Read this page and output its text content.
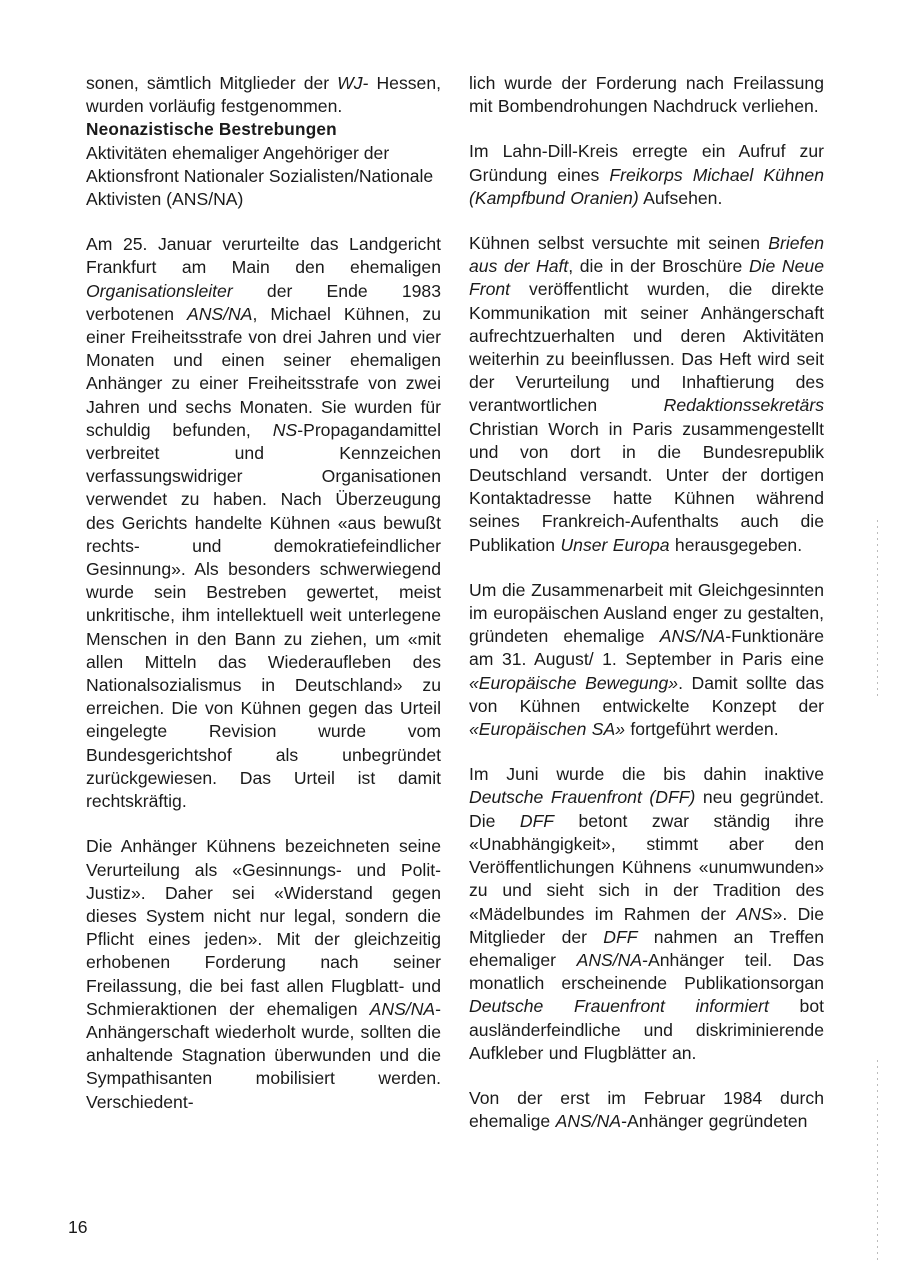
sonen, sämtlich Mitglieder der WJ- Hessen, wurden vorläufig festgenommen.

Neonazistische Bestrebungen

Aktivitäten ehemaliger Angehöriger der Aktionsfront Nationaler Sozialisten/Nationale Aktivisten (ANS/NA)

Am 25. Januar verurteilte das Landgericht Frankfurt am Main den ehemaligen Organisationsleiter der Ende 1983 verbotenen ANS/NA, Michael Kühnen, zu einer Freiheitsstrafe von drei Jahren und vier Monaten und einen seiner ehemaligen Anhänger zu einer Freiheitsstrafe von zwei Jahren und sechs Monaten. Sie wurden für schuldig befunden, NS-Propagandamittel verbreitet und Kennzeichen verfassungswidriger Organisationen verwendet zu haben. Nach Überzeugung des Gerichts handelte Kühnen «aus bewußt rechts- und demokratiefeindlicher Gesinnung». Als besonders schwerwiegend wurde sein Bestreben gewertet, meist unkritische, ihm intellektuell weit unterlegene Menschen in den Bann zu ziehen, um «mit allen Mitteln das Wiederaufleben des Nationalsozialismus in Deutschland» zu erreichen. Die von Kühnen gegen das Urteil eingelegte Revision wurde vom Bundesgerichtshof als unbegründet zurückgewiesen. Das Urteil ist damit rechtskräftig.

Die Anhänger Kühnens bezeichneten seine Verurteilung als «Gesinnungs- und Polit-Justiz». Daher sei «Widerstand gegen dieses System nicht nur legal, sondern die Pflicht eines jeden». Mit der gleichzeitig erhobenen Forderung nach seiner Freilassung, die bei fast allen Flugblatt- und Schmieraktionen der ehemaligen ANS/NA-Anhängerschaft wiederholt wurde, sollten die anhaltende Stagnation überwunden und die Sympathisanten mobilisiert werden. Verschiedent-

lich wurde der Forderung nach Freilassung mit Bombendrohungen Nachdruck verliehen.

Im Lahn-Dill-Kreis erregte ein Aufruf zur Gründung eines Freikorps Michael Kühnen (Kampfbund Oranien) Aufsehen.

Kühnen selbst versuchte mit seinen Briefen aus der Haft, die in der Broschüre Die Neue Front veröffentlicht wurden, die direkte Kommunikation mit seiner Anhängerschaft aufrechtzuerhalten und deren Aktivitäten weiterhin zu beeinflussen. Das Heft wird seit der Verurteilung und Inhaftierung des verantwortlichen Redaktionssekretärs Christian Worch in Paris zusammengestellt und von dort in die Bundesrepublik Deutschland versandt. Unter der dortigen Kontaktadresse hatte Kühnen während seines Frankreich-Aufenthalts auch die Publikation Unser Europa herausgegeben.

Um die Zusammenarbeit mit Gleichgesinnten im europäischen Ausland enger zu gestalten, gründeten ehemalige ANS/NA-Funktionäre am 31. August/ 1. September in Paris eine «Europäische Bewegung». Damit sollte das von Kühnen entwickelte Konzept der «Europäischen SA» fortgeführt werden.

Im Juni wurde die bis dahin inaktive Deutsche Frauenfront (DFF) neu gegründet. Die DFF betont zwar ständig ihre «Unabhängigkeit», stimmt aber den Veröffentlichungen Kühnens «unumwunden» zu und sieht sich in der Tradition des «Mädelbundes im Rahmen der ANS». Die Mitglieder der DFF nahmen an Treffen ehemaliger ANS/NA-Anhänger teil. Das monatlich erscheinende Publikationsorgan Deutsche Frauenfront informiert bot ausländerfeindliche und diskriminierende Aufkleber und Flugblätter an.

Von der erst im Februar 1984 durch ehemalige ANS/NA-Anhänger gegründeten

16
